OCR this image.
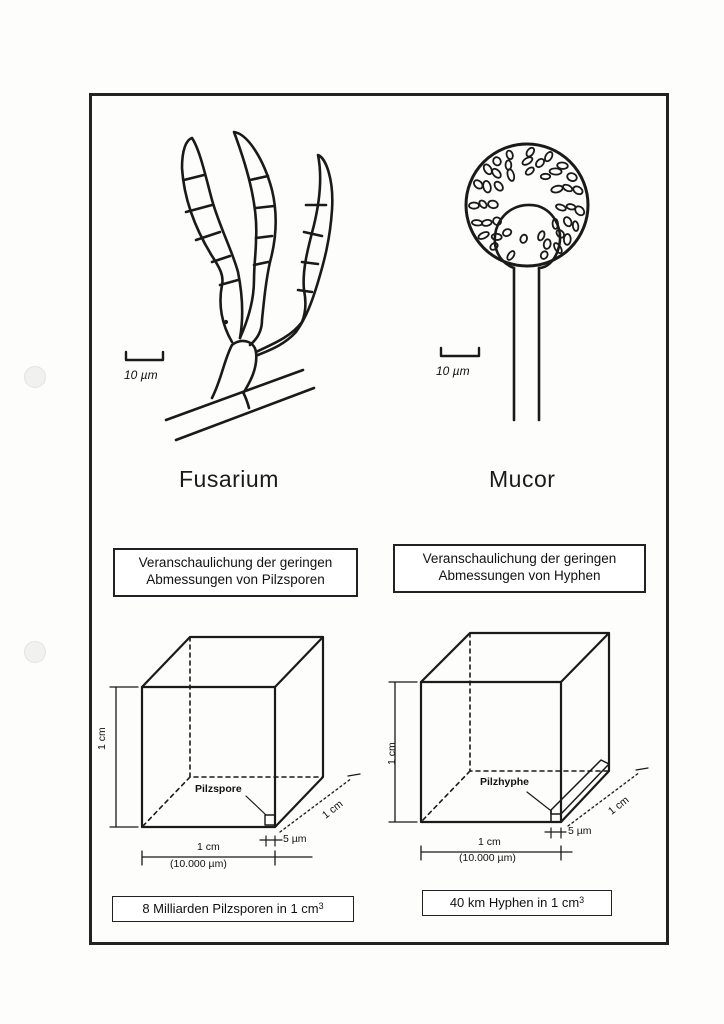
10 µm	10 µm
Fusarium	Mucor
Veranschaulichung der geringen
Abmessungen von Pilzsporen
Veranschaulichung der geringen
Abmessungen von Hyphen
1 cm
1 cm
(10.000 µm)
1 cm
Pilzspore
5 µm
1 cm
1 cm
(10.000 µm)
1 cm
Pilzhyphe
5 µm
8 Milliarden Pilzsporen in 1 $cm^3$	40 km Hyphen in 1 $cm^3$
